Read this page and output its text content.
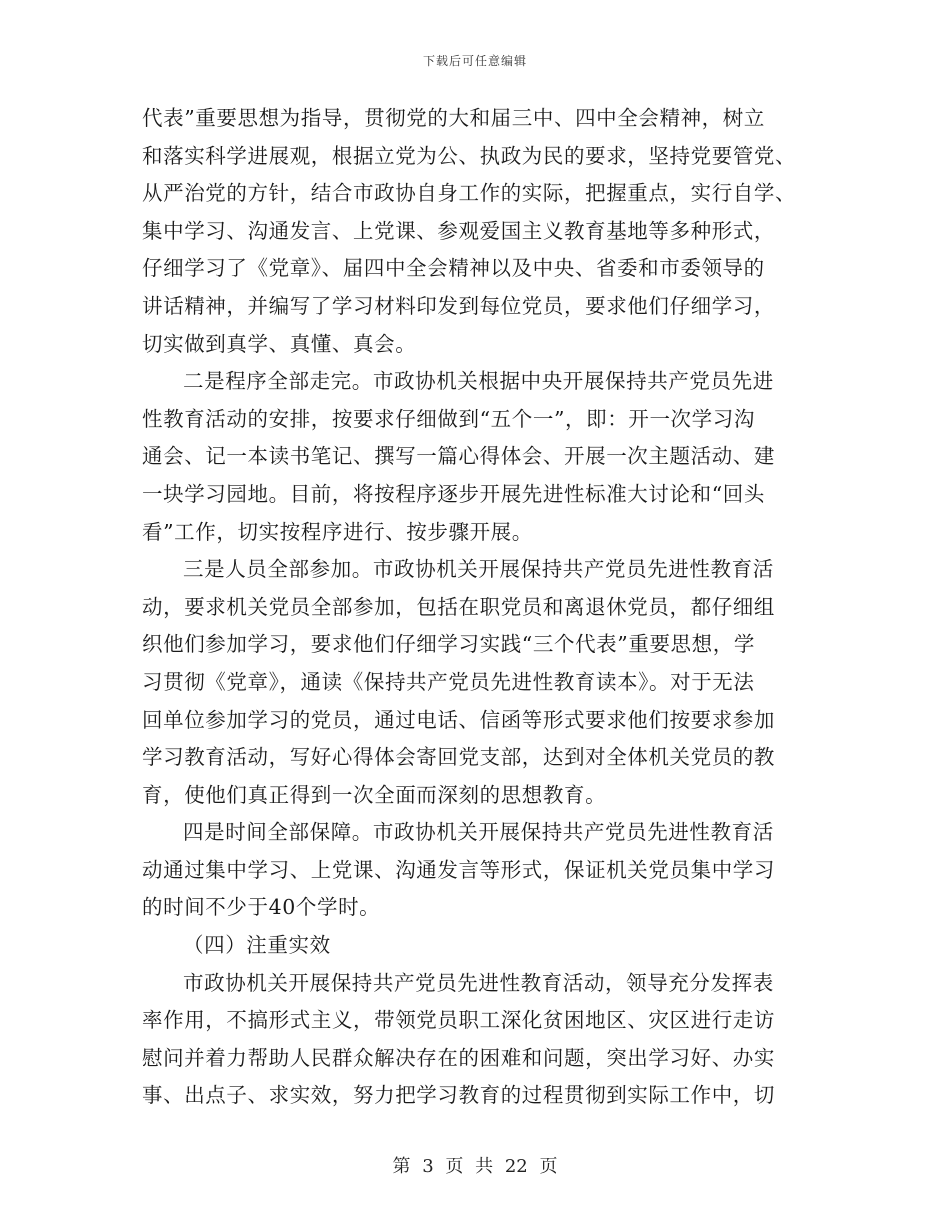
下载后可任意编辑
代表”重要思想为指导，贯彻党的大和届三中、四中全会精神，树立
和落实科学进展观，根据立党为公、执政为民的要求，坚持党要管党、
从严治党的方针，结合市政协自身工作的实际，把握重点，实行自学、
集中学习、沟通发言、上党课、参观爱国主义教育基地等多种形式，
仔细学习了《党章》、届四中全会精神以及中央、省委和市委领导的
讲话精神，并编写了学习材料印发到每位党员，要求他们仔细学习，
切实做到真学、真懂、真会。
二是程序全部走完。市政协机关根据中央开展保持共产党员先进
性教育活动的安排，按要求仔细做到“五个一”，即：开一次学习沟
通会、记一本读书笔记、撰写一篇心得体会、开展一次主题活动、建
一块学习园地。目前，将按程序逐步开展先进性标准大讨论和“回头
看”工作，切实按程序进行、按步骤开展。
三是人员全部参加。市政协机关开展保持共产党员先进性教育活
动，要求机关党员全部参加，包括在职党员和离退休党员，都仔细组
织他们参加学习，要求他们仔细学习实践“三个代表”重要思想，学
习贯彻《党章》，通读《保持共产党员先进性教育读本》。对于无法
回单位参加学习的党员，通过电话、信函等形式要求他们按要求参加
学习教育活动，写好心得体会寄回党支部，达到对全体机关党员的教
育，使他们真正得到一次全面而深刻的思想教育。
四是时间全部保障。市政协机关开展保持共产党员先进性教育活
动通过集中学习、上党课、沟通发言等形式，保证机关党员集中学习
的时间不少于40个学时。
（四）注重实效
市政协机关开展保持共产党员先进性教育活动，领导充分发挥表
率作用，不搞形式主义，带领党员职工深化贫困地区、灾区进行走访
慰问并着力帮助人民群众解决存在的困难和问题，突出学习好、办实
事、出点子、求实效，努力把学习教育的过程贯彻到实际工作中，切
第 3 页 共 22 页
